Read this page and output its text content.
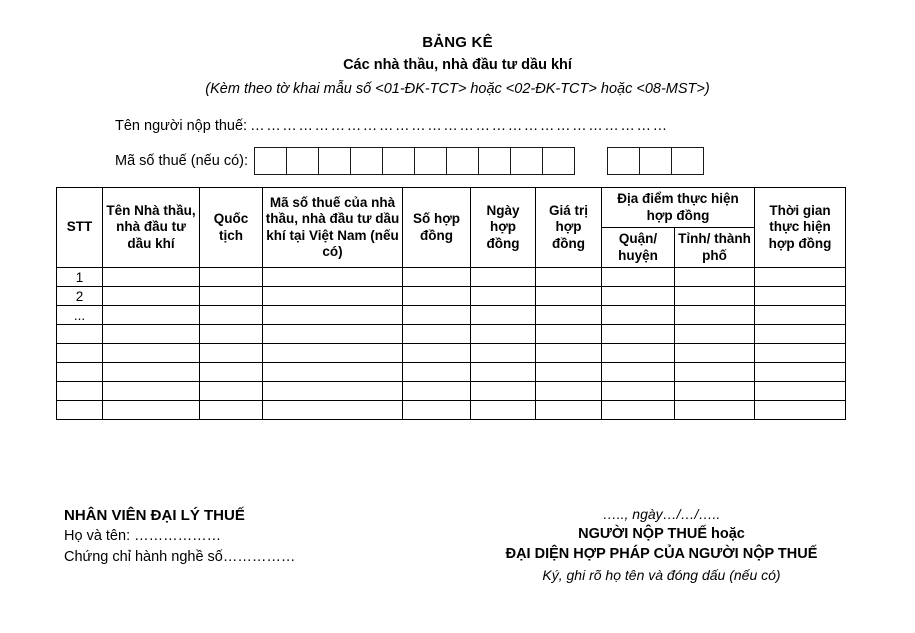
BẢNG KÊ
Các nhà thầu, nhà đầu tư dầu khí
(Kèm theo tờ khai mẫu số <01-ĐK-TCT> hoặc <02-ĐK-TCT> hoặc <08-MST>)
Tên người nộp thuế: ……………………………………………………………………
Mã số thuế (nếu có):
STT	Tên Nhà thầu, nhà đầu tư dầu khí	Quốc tịch	Mã số thuế của nhà thầu, nhà đầu tư dầu khí tại Việt Nam (nếu có)	Số hợp đồng	Ngày hợp đồng	Giá trị hợp đồng	Địa điểm thực hiện hợp đồng		Thời gian thực hiện hợp đồng
							Quận/ huyện	Tỉnh/ thành phố	
1									
2									
...									

NHÂN VIÊN ĐẠI LÝ THUẾ
Họ và tên: ………………
Chứng chỉ hành nghề số……………
….., ngày…/…/…..
NGƯỜI NỘP THUẾ hoặc
ĐẠI DIỆN HỢP PHÁP CỦA NGƯỜI NỘP THUẾ
Ký, ghi rõ họ tên và đóng dấu (nếu có)
